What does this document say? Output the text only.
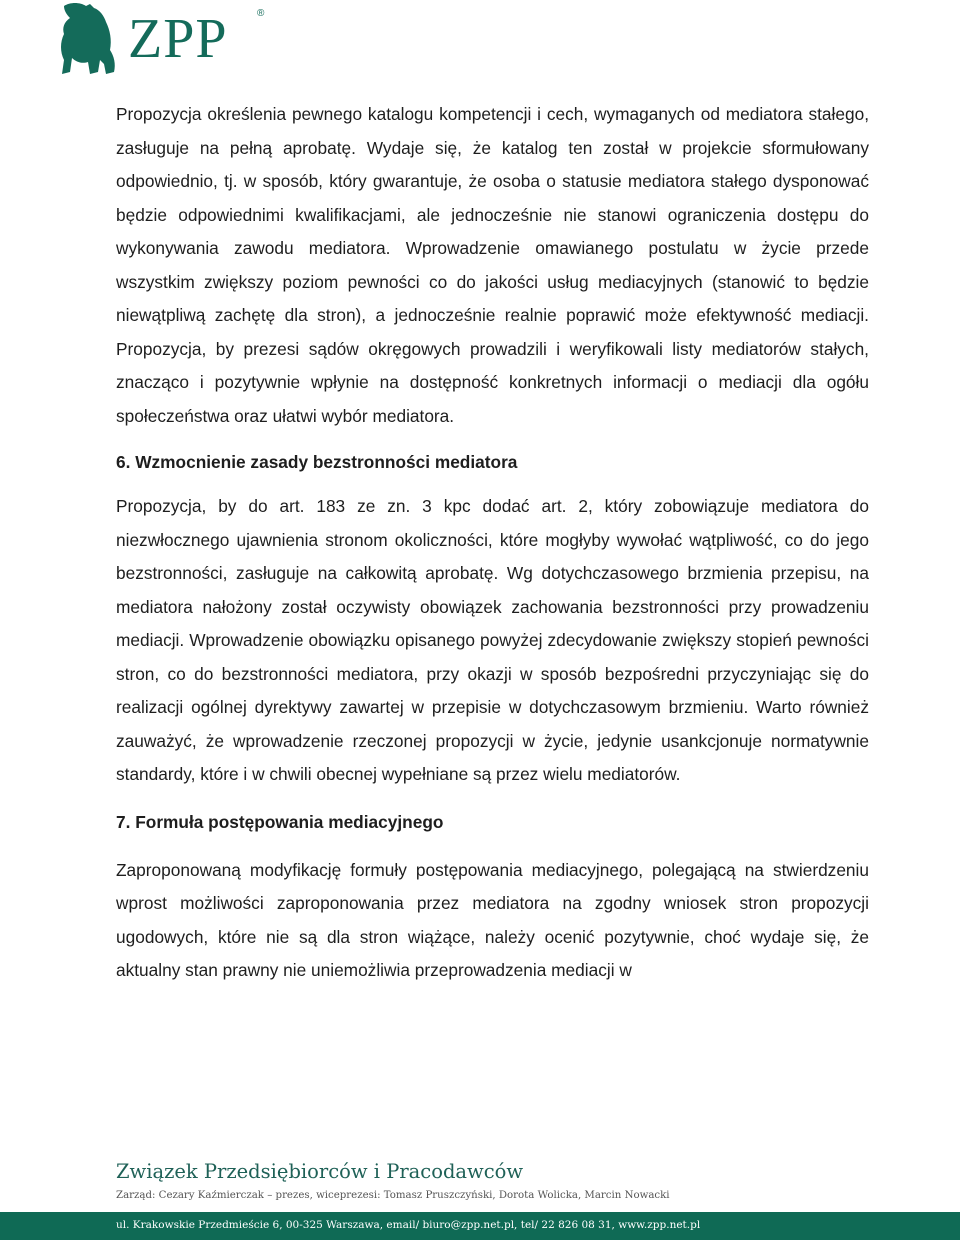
ZPP	®

Propozycja określenia pewnego katalogu kompetencji i cech, wymaganych od mediatora stałego, zasługuje na pełną aprobatę. Wydaje się, że katalog ten został w projekcie sformułowany odpowiednio, tj. w sposób, który gwarantuje, że osoba o statusie mediatora stałego dysponować będzie odpowiednimi kwalifikacjami, ale jednocześnie nie stanowi ograniczenia dostępu do wykonywania zawodu mediatora. Wprowadzenie omawianego postulatu w życie przede wszystkim zwiększy poziom pewności co do jakości usług mediacyjnych (stanowić to będzie niewątpliwą zachętę dla stron), a jednocześnie realnie poprawić może efektywność mediacji. Propozycja, by prezesi sądów okręgowych prowadzili i weryfikowali listy mediatorów stałych, znacząco i pozytywnie wpłynie na dostępność konkretnych informacji o mediacji dla ogółu społeczeństwa oraz ułatwi wybór mediatora.

6. Wzmocnienie zasady bezstronności mediatora

Propozycja, by do art. 183 ze zn. 3 kpc dodać art. 2, który zobowiązuje mediatora do niezwłocznego ujawnienia stronom okoliczności, które mogłyby wywołać wątpliwość, co do jego bezstronności, zasługuje na całkowitą aprobatę. Wg dotychczasowego brzmienia przepisu, na mediatora nałożony został oczywisty obowiązek zachowania bezstronności przy prowadzeniu mediacji. Wprowadzenie obowiązku opisanego powyżej zdecydowanie zwiększy stopień pewności stron, co do bezstronności mediatora, przy okazji w sposób bezpośredni przyczyniając się do realizacji ogólnej dyrektywy zawartej w przepisie w dotychczasowym brzmieniu. Warto również zauważyć, że wprowadzenie rzeczonej propozycji w życie, jedynie usankcjonuje normatywnie standardy, które i w chwili obecnej wypełniane są przez wielu mediatorów.

7. Formuła postępowania mediacyjnego

Zaproponowaną modyfikację formuły postępowania mediacyjnego, polegającą na stwierdzeniu wprost możliwości zaproponowania przez mediatora na zgodny wniosek stron propozycji ugodowych, które nie są dla stron wiążące, należy ocenić pozytywnie, choć wydaje się, że aktualny stan prawny nie uniemożliwia przeprowadzenia mediacji w

Związek Przedsiębiorców i Pracodawców
Zarząd: Cezary Kaźmierczak – prezes, wiceprezesi: Tomasz Pruszczyński, Dorota Wolicka, Marcin Nowacki
ul. Krakowskie Przedmieście 6, 00-325 Warszawa, email/ biuro@zpp.net.pl, tel/ 22 826 08 31, www.zpp.net.pl
